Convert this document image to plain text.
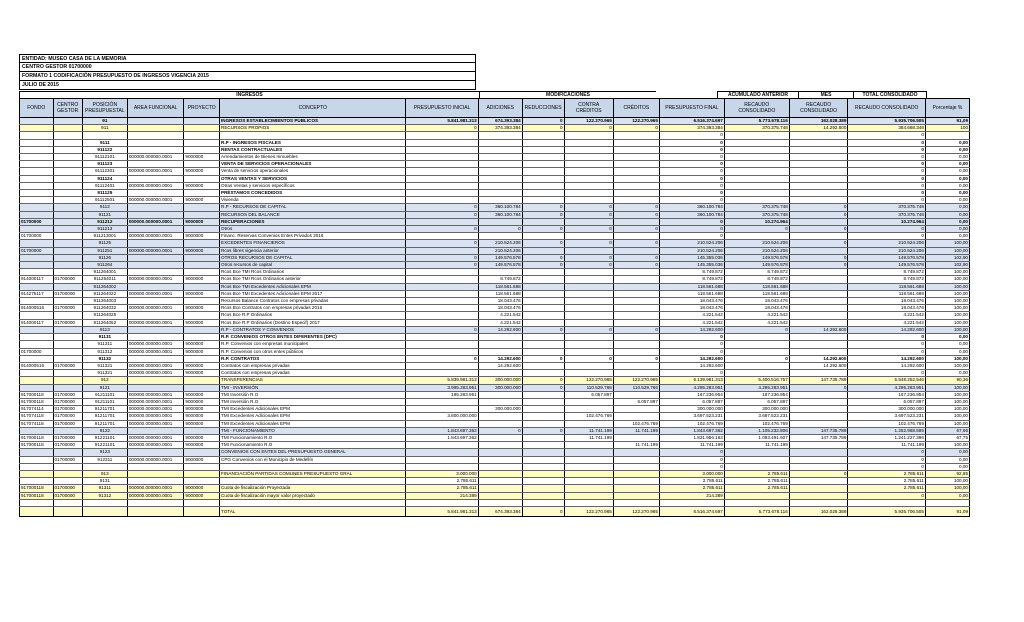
ENTIDAD: MUSEO CASA DE LA MEMORIA
CENTRO GESTOR 01700000
FORMATO 1 CODIFICACIÓN PRESUPUESTO DE INGRESOS VIGENCIA 2015
JULIO DE 2015
INGRESOS	MODIFICACIONES	ACUMULADO ANTERIOR	MES	TOTAL CONSOLIDADO
FONDO	CENTRO GESTOR	POSICIÓN PRESUPUESTAL	AREA FUNCIONAL	PROYECTO	CONCEPTO	PRESUPUESTO INICIAL	ADICIONES	REDUCCIONES	CONTRA CRÉDITOS	CRÉDITOS	PRESUPUESTO FINAL	RECAUDO CONSOLIDADO	RECAUDO CONSOLIDADO	RECAUDO CONSOLIDADO	Porcentaje %
		91			INGRESOS ESTABLECIMIENTOS PUBLICOS	5.841.981.313	674.393.384	0	122.270.965	122.270.965	6.516.374.697	5.773.678.116	162.028.389	5.935.706.505	91,09
		911			RECURSOS PROPIOS	0	374.393.384	0	0	0	374.393.384	370.375.748	14.292.600	384.668.348	100
											0			0	
		9111			R.P - INGRESOS FISCALES						0			0	0,00
		911122			RENTAS CONTRACTUALES						0			0	0,00
		91112101	000000.000000.0001	9000000	Arrendamientos de Bienes Inmuebles						0			0	0,00
		911123			VENTA DE SERVICIOS OPERACIONALES						0			0	0,00
		91112301	000000.000000.0001	9000000	Venta de servicios operacionales						0			0	0,00
		911124			OTRAS VENTAS Y SERVICIOS						0			0	0,00
		91112401	000000.000000.0001	9000000	Otras Ventas y servicios específicos						0			0	0,00
		911125			PRÉSTAMOS CONCEDIDOS						0			0	0,00
		91112501	000000.000000.0001	9000000	Vivienda						0			0	0,00
		9112			R.P - RECURSOS DE CAPITAL	0	360.100.784	0	0	0	360.100.784	370.375.748	0	370.375.748	0,00
		91121			RECURSOS DEL BALANCE	0	360.100.784	0	0	0	360.100.784	370.375.748	0	370.375.748	0,00
01700000		911212	000000.000000.0001	9000000	RECUPERACIONES						0	10.274.964		10.274.964	0,00
		911213			Otros	0	0	0	0	0	0	0	0	0	0,00
01700000		911213001	000000.000000.0001	9000000	Financ. Reservas Convenios Entes Privados 2016						0			0	0,00
		91125			EXCEDENTES FINANCIEROS	0	210.524.206	0	0	0	210.524.206	210.524.206	0	210.524.206	100,00
01700000		911251	000000.000000.0001	9000000	Rcos libres vigencia anterior		210.524.206				210.524.206	210.524.206		210.524.206	100,00
		91126			OTROS RECURSOS DE CAPITAL	0	149.576.578	0	0	0	145.355.036	149.576.578	0	149.576.578	102,90
		911264			Otros recursos de capital	0	149.576.578	0	0	0	145.355.036	149.576.578	0	149.576.578	102,90
		911264001			Rcos Bce TMI Rcos Ordinarios						8.749.872	8.749.872		8.749.872	100,00
914000117	01700000	911264011	000000.000000.0001	9000000	Rcos Bce TMI Rcos Ordinarios anterior		8.749.872				8.749.872	8.749.872		8.749.872	100,00
		911264002			Rcos Bce TMI Excedentes Adicionales EPM		118.561.688				118.561.688	118.561.688		118.561.688	100,00
914275117	01700000	911264022	000000.000000.0001	9000000	Rcos Bce TMI Excedentes Adicionales EPM 2017		118.561.688				118.561.688	118.561.688		118.561.688	100,00
		911264003			Recursos Balance Contratos con empresas privadas		18.043.476				18.043.476	18.043.476		18.043.476	100,00
914000516	01700000	911264032	000000.000000.0001	9000000	Rcos Bce Contratos con empresas privadas 2016		18.043.476				18.043.476	18.043.476		18.043.476	100,00
		911264025			Rcos Bce R.P Ordinarios		4.221.542				4.221.542	4.221.542		4.221.542	100,00
914000117	01700000	911264052	000000.000000.0001	9000000	Rcos Bce R.P Ordinarios (Destino Especif) 2017		4.221.542				4.221.542	4.221.542		4.221.542	100,00
		9113			R.P - CONTRATOS Y CONVENIOS	0	14.292.600	0	0	0	14.292.600	0	14.292.600	14.292.600	100,00
		91131			R.P. CONVENIOS OTROS ENTES DIFERENTES (DPC)						0			0	0,00
		911311	000000.000000.0001	9000000	R.P. Convenios con empresas municipales						0			0	0,00
01700000		911312	000000.000000.0001	9000000	R.P. Convenios con otros entes públicos						0			0	0,00
		91132			R.P. CONTRATOS	0	14.292.600	0	0	0	14.292.600	0	14.292.600	14.292.600	100,00
914000516	01700000	911321	000000.000000.0001	9000000	Contratos con empresas privadas		14.292.600				14.292.600		14.292.600	14.292.600	100,00
		911321	000000.000000.0001	9000000	Contratos con empresas privadas						0			0	0,00
		912			TRANSFERENCIAS	5.839.981.313	300.000.000	0	122.270.965	122.270.965	6.139.981.313	5.400.516.757	147.735.789	5.548.252.546	90,36
		9121			TMI - INVERSIÓN	3.995.283.951	300.000.000	0	110.529.766	110.529.766	4.295.283.951	4.295.283.951	0	4.295.283.951	100,00
917000118	01700000	91211101	000000.000000.0001	9000000	TMI Inversión R.O	195.283.951			6.057.897		167.236.954	167.236.954		167.236.954	100,00
917000118	01700000	91211101	000000.000000.0001	9000000	TMI Inversión R.O					6.057.897	6.057.897	6.057.897		6.057.897	100,00
917074114	01700000	91211701	000000.000000.0001	9000000	TMI Excedentes Adicionales EPM		300.000.000				300.000.000	300.000.000		300.000.000	100,00
917074118	01700000	91211701	000000.000000.0001	9000000	TMI Excedentes Adicionales EPM	3.800.000.000			102.476.769		3.697.523.231	3.697.523.231		3.697.523.231	100,00
917074118	01700000	91211701	000000.000000.0001	9000000	TMI Excedentes Adicionales EPM					102.476.769	102.476.769	102.476.769		102.476.769	100,00
		9122			TMI - FUNCIONAMIENTO	1.843.697.362	0	0	11.741.199	11.741.199	1.843.697.362	1.105.232.806	147.735.789	1.252.968.595	67,96
917000118	01700000	91221101	000000.000000.0001	9000000	TMI Funcionamiento R.O	1.843.697.362			11.741.199		1.831.956.163	1.093.491.607	147.735.789	1.241.227.396	67,75
917000118	01700000	91221101	000000.000000.0001	9000000	TMI Funcionamiento R.O					11.741.199	11.741.199	11.741.199		11.741.199	100,00
		9123			CONVENIOS CON ENTES DEL PRESUPUESTO GENERAL						0			0	0,00
	01700000	912311	000000.000000.0001	9000000	CPG Convenios con el Municipio de Medellín						0			0	0,00
											0			0	0,00
		913			FINANCIACIÓN PARTIDAS COMUNES PRESUPUESTO GRAL	3.000.000					3.000.000	2.785.611	0	2.785.611	92,85
		9131				2.785.611					2.785.611	2.785.611		2.785.611	100,00
917000118	01700000	91311	000000.000000.0001	9000000	Cuota de fiscalización Proyectada	2.785.611					2.785.611	2.785.611		2.785.611	100,00
917000118	01700000	91312	000000.000000.0001	9000000	Cuota de fiscalización mayor valor proyectado	214.389					214.389			0	0,00

					TOTAL	5.841.981.313	674.393.384	0	122.270.965	122.270.965	6.516.374.697	5.773.678.116	162.028.389	5.935.706.505	91,09
